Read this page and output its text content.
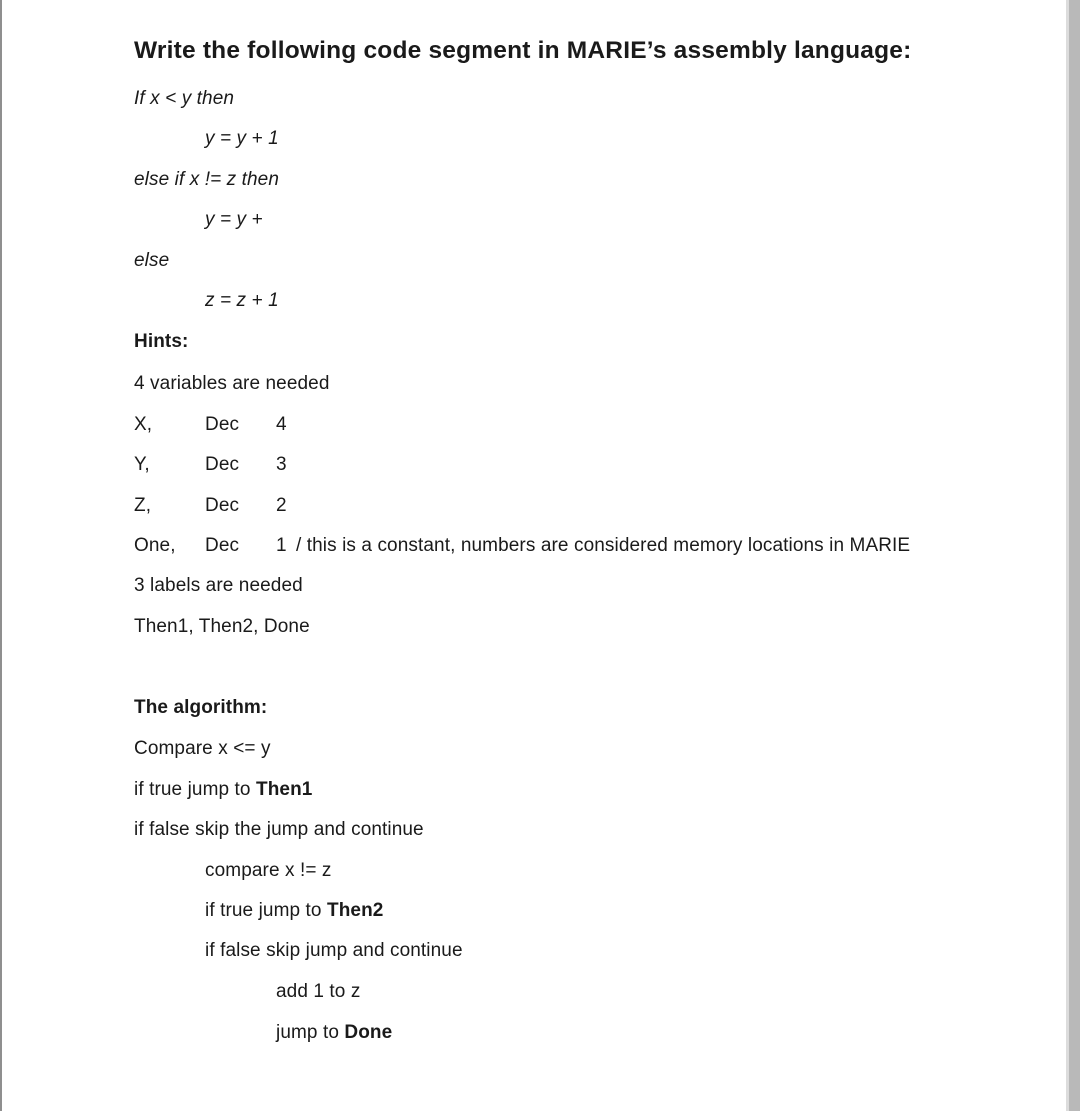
Write the following code segment in MARIE’s assembly language:
If x < y then
y = y + 1
else if x != z then
y = y +
else
z = z + 1
Hints:
4 variables are needed
X,	Dec 4
Y,	Dec 3
Z,	Dec 2
One, Dec 1 / this is a constant, numbers are considered memory locations in MARIE
3 labels are needed
Then1, Then2, Done
The algorithm:
Compare x <= y
if true jump to Then1
if false skip the jump and continue
compare x != z
if true jump to Then2
if false skip jump and continue
add 1 to z
jump to Done
